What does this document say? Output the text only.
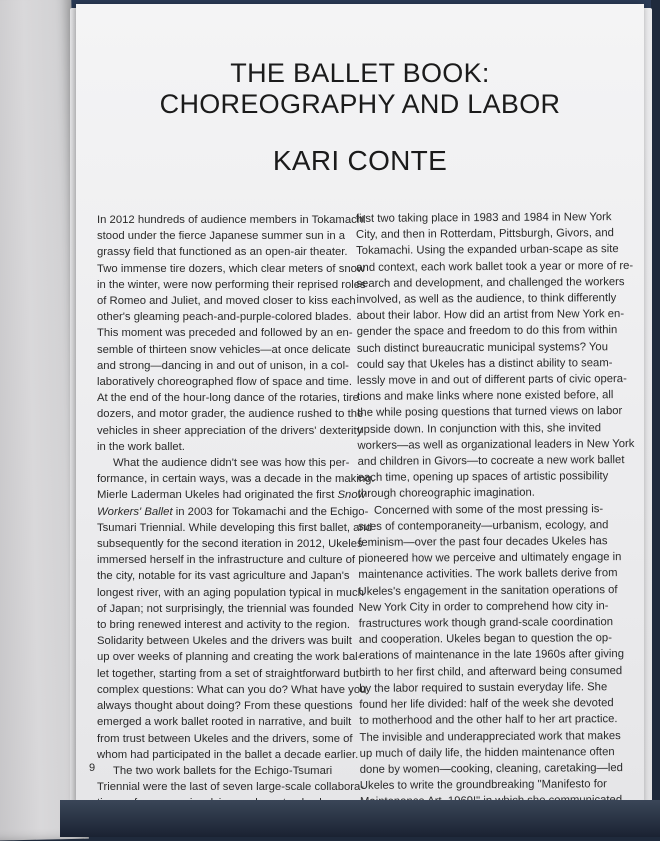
THE BALLET BOOK:
CHOREOGRAPHY AND LABOR
KARI CONTE
In 2012 hundreds of audience members in Tokamachi
stood under the fierce Japanese summer sun in a
grassy field that functioned as an open-air theater.
Two immense tire dozers, which clear meters of snow
in the winter, were now performing their reprised roles
of Romeo and Juliet, and moved closer to kiss each
other's gleaming peach-and-purple-colored blades.
This moment was preceded and followed by an en-
semble of thirteen snow vehicles—at once delicate
and strong—dancing in and out of unison, in a col-
laboratively choreographed flow of space and time.
At the end of the hour-long dance of the rotaries, tire
dozers, and motor grader, the audience rushed to the
vehicles in sheer appreciation of the drivers' dexterity
in the work ballet.
What the audience didn't see was how this per-
formance, in certain ways, was a decade in the making.
Mierle Laderman Ukeles had originated the first Snow
Workers' Ballet in 2003 for Tokamachi and the Echigo-
Tsumari Triennial. While developing this first ballet, and
subsequently for the second iteration in 2012, Ukeles
immersed herself in the infrastructure and culture of
the city, notable for its vast agriculture and Japan's
longest river, with an aging population typical in much
of Japan; not surprisingly, the triennial was founded
to bring renewed interest and activity to the region.
Solidarity between Ukeles and the drivers was built
up over weeks of planning and creating the work bal-
let together, starting from a set of straightforward but
complex questions: What can you do? What have you
always thought about doing? From these questions
emerged a work ballet rooted in narrative, and built
from trust between Ukeles and the drivers, some of
whom had participated in the ballet a decade earlier.
The two work ballets for the Echigo-Tsumari
Triennial were the last of seven large-scale collabora-
first two taking place in 1983 and 1984 in New York
City, and then in Rotterdam, Pittsburgh, Givors, and
Tokamachi. Using the expanded urban-scape as site
and context, each work ballet took a year or more of re-
search and development, and challenged the workers
involved, as well as the audience, to think differently
about their labor. How did an artist from New York en-
gender the space and freedom to do this from within
such distinct bureaucratic municipal systems? You
could say that Ukeles has a distinct ability to seam-
lessly move in and out of different parts of civic opera-
tions and make links where none existed before, all
the while posing questions that turned views on labor
upside down. In conjunction with this, she invited
workers—as well as organizational leaders in New York
and children in Givors—to cocreate a new work ballet
each time, opening up spaces of artistic possibility
through choreographic imagination.
Concerned with some of the most pressing is-
sues of contemporaneity—urbanism, ecology, and
feminism—over the past four decades Ukeles has
pioneered how we perceive and ultimately engage in
maintenance activities. The work ballets derive from
Ukeles's engagement in the sanitation operations of
New York City in order to comprehend how city in-
frastructures work though grand-scale coordination
and cooperation. Ukeles began to question the op-
erations of maintenance in the late 1960s after giving
birth to her first child, and afterward being consumed
by the labor required to sustain everyday life. She
found her life divided: half of the week she devoted
to motherhood and the other half to her art practice.
The invisible and underappreciated work that makes
up much of daily life, the hidden maintenance often
done by women—cooking, cleaning, caretaking—led
Ukeles to write the groundbreaking "Manifesto for
9
